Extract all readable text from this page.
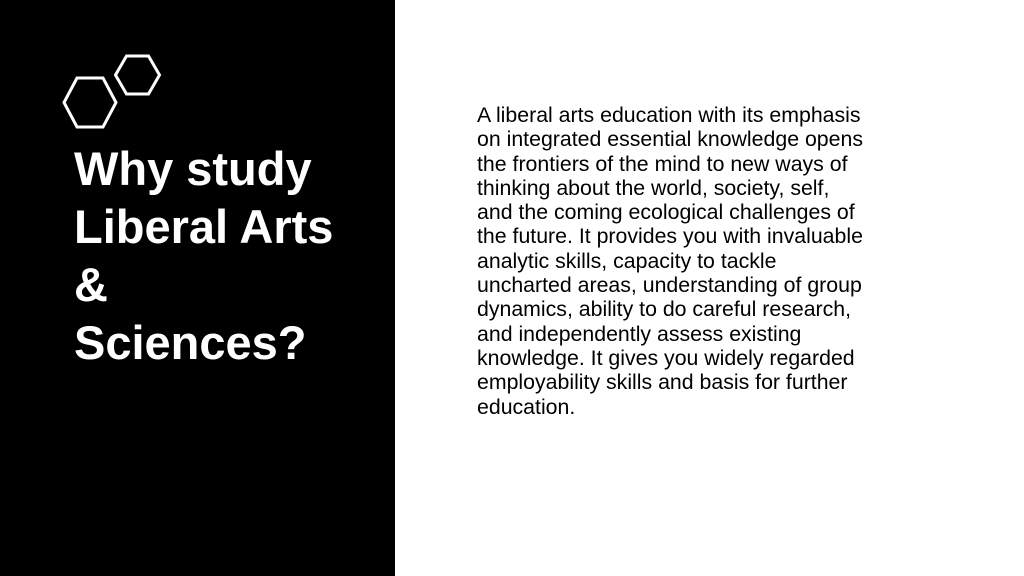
Why study
Liberal Arts
&
Sciences?

A liberal arts education with its emphasis
on integrated essential knowledge opens
the frontiers of the mind to new ways of
thinking about the world, society, self,
and the coming ecological challenges of
the future. It provides you with invaluable
analytic skills, capacity to tackle
uncharted areas, understanding of group
dynamics, ability to do careful research,
and independently assess existing
knowledge. It gives you widely regarded
employability skills and basis for further
education.
